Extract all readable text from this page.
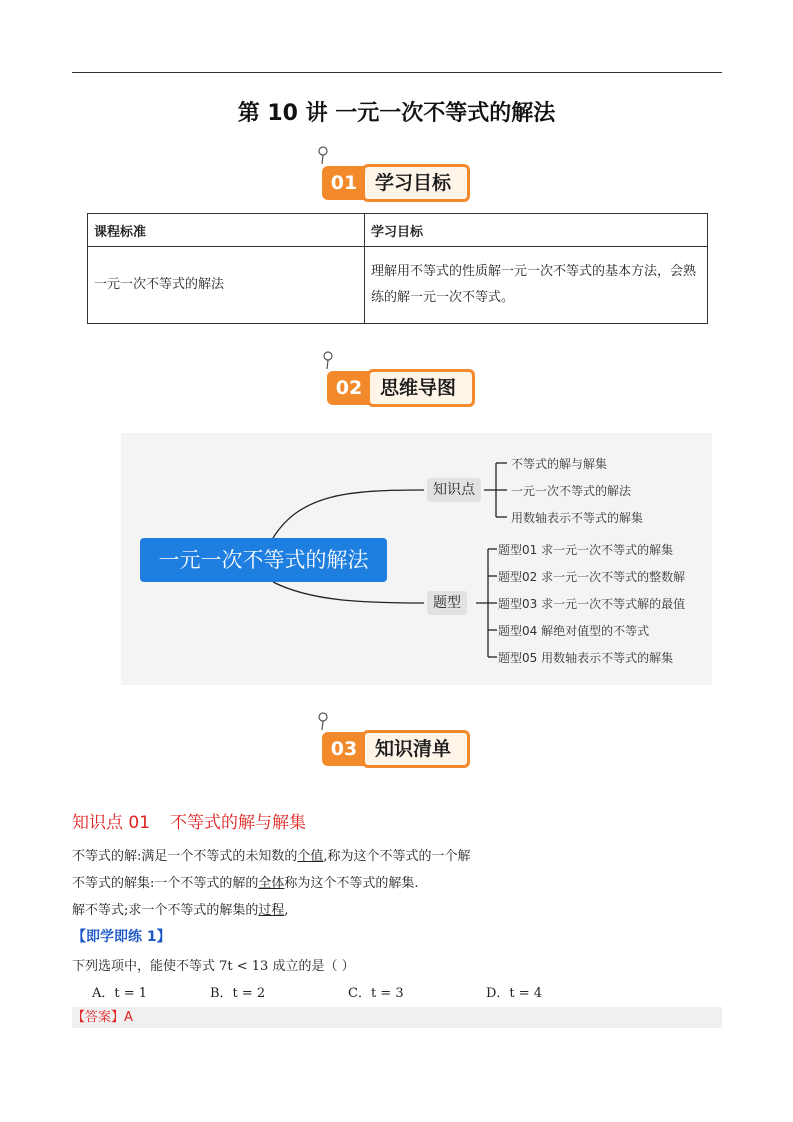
第 10 讲 一元一次不等式的解法
01 学习目标
课程标准	学习目标
一元一次不等式的解法	理解用不等式的性质解一元一次不等式的基本方法，会熟练的解一元一次不等式。
02 思维导图
一元一次不等式的解法
知识点
题型
不等式的解与解集
一元一次不等式的解法
用数轴表示不等式的解集
题型01 求一元一次不等式的解集
题型02 求一元一次不等式的整数解
题型03 求一元一次不等式解的最值
题型04 解绝对值型的不等式
题型05 用数轴表示不等式的解集
03 知识清单
知识点 01 不等式的解与解集
不等式的解:满足一个不等式的未知数的个值,称为这个不等式的一个解
不等式的解集:一个不等式的解的全体称为这个不等式的解集.
解不等式;求一个不等式的解集的过程,
【即学即练 1】
下列选项中，能使不等式 7t < 13 成立的是（ ）
A．t = 1	B．t = 2	C．t = 3	D．t = 4
【答案】A
